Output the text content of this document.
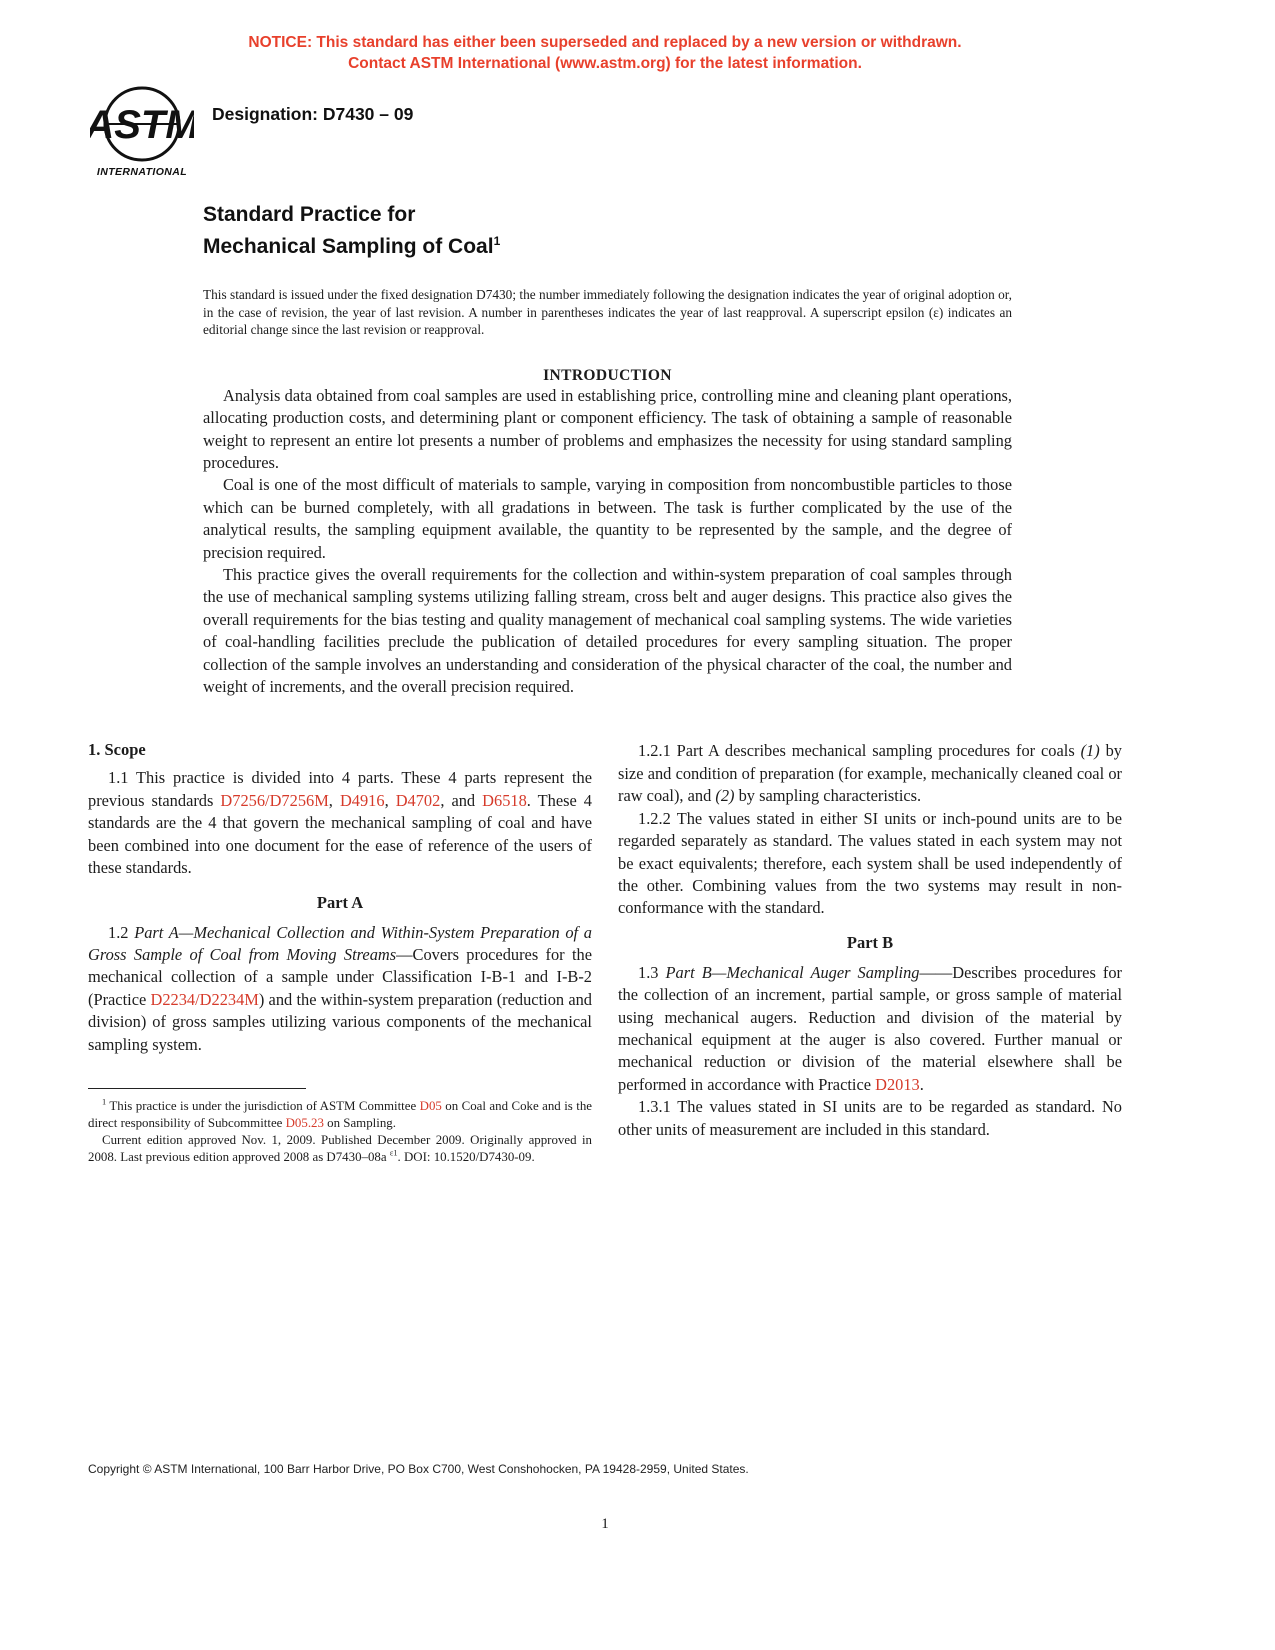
NOTICE: This standard has either been superseded and replaced by a new version or withdrawn.
Contact ASTM International (www.astm.org) for the latest information.
ASTM
INTERNATIONAL
Designation: D7430 – 09
Standard Practice for
Mechanical Sampling of Coal$^1$

This standard is issued under the fixed designation D7430; the number immediately following the designation indicates the year of original adoption or, in the case of revision, the year of last revision. A number in parentheses indicates the year of last reapproval. A superscript epsilon (ε) indicates an editorial change since the last revision or reapproval.

INTRODUCTION

Analysis data obtained from coal samples are used in establishing price, controlling mine and cleaning plant operations, allocating production costs, and determining plant or component efficiency. The task of obtaining a sample of reasonable weight to represent an entire lot presents a number of problems and emphasizes the necessity for using standard sampling procedures.

Coal is one of the most difficult of materials to sample, varying in composition from noncombustible particles to those which can be burned completely, with all gradations in between. The task is further complicated by the use of the analytical results, the sampling equipment available, the quantity to be represented by the sample, and the degree of precision required.

This practice gives the overall requirements for the collection and within-system preparation of coal samples through the use of mechanical sampling systems utilizing falling stream, cross belt and auger designs. This practice also gives the overall requirements for the bias testing and quality management of mechanical coal sampling systems. The wide varieties of coal-handling facilities preclude the publication of detailed procedures for every sampling situation. The proper collection of the sample involves an understanding and consideration of the physical character of the coal, the number and weight of increments, and the overall precision required.

1. Scope

1.1 This practice is divided into 4 parts. These 4 parts represent the previous standards D7256/D7256M, D4916, D4702, and D6518. These 4 standards are the 4 that govern the mechanical sampling of coal and have been combined into one document for the ease of reference of the users of these standards.

Part A

1.2 Part A—Mechanical Collection and Within-System Preparation of a Gross Sample of Coal from Moving Streams—Covers procedures for the mechanical collection of a sample under Classification I-B-1 and I-B-2 (Practice D2234/D2234M) and the within-system preparation (reduction and division) of gross samples utilizing various components of the mechanical sampling system.

$^1$ This practice is under the jurisdiction of ASTM Committee D05 on Coal and Coke and is the direct responsibility of Subcommittee D05.23 on Sampling.

Current edition approved Nov. 1, 2009. Published December 2009. Originally approved in 2008. Last previous edition approved 2008 as D7430–08a $^{\varepsilon 1}$. DOI: 10.1520/D7430-09.

1.2.1 Part A describes mechanical sampling procedures for coals (1) by size and condition of preparation (for example, mechanically cleaned coal or raw coal), and (2) by sampling characteristics.

1.2.2 The values stated in either SI units or inch-pound units are to be regarded separately as standard. The values stated in each system may not be exact equivalents; therefore, each system shall be used independently of the other. Combining values from the two systems may result in non-conformance with the standard.

Part B

1.3 Part B—Mechanical Auger Sampling——Describes procedures for the collection of an increment, partial sample, or gross sample of material using mechanical augers. Reduction and division of the material by mechanical equipment at the auger is also covered. Further manual or mechanical reduction or division of the material elsewhere shall be performed in accordance with Practice D2013.

1.3.1 The values stated in SI units are to be regarded as standard. No other units of measurement are included in this standard.

Copyright © ASTM International, 100 Barr Harbor Drive, PO Box C700, West Conshohocken, PA 19428-2959, United States.
1
